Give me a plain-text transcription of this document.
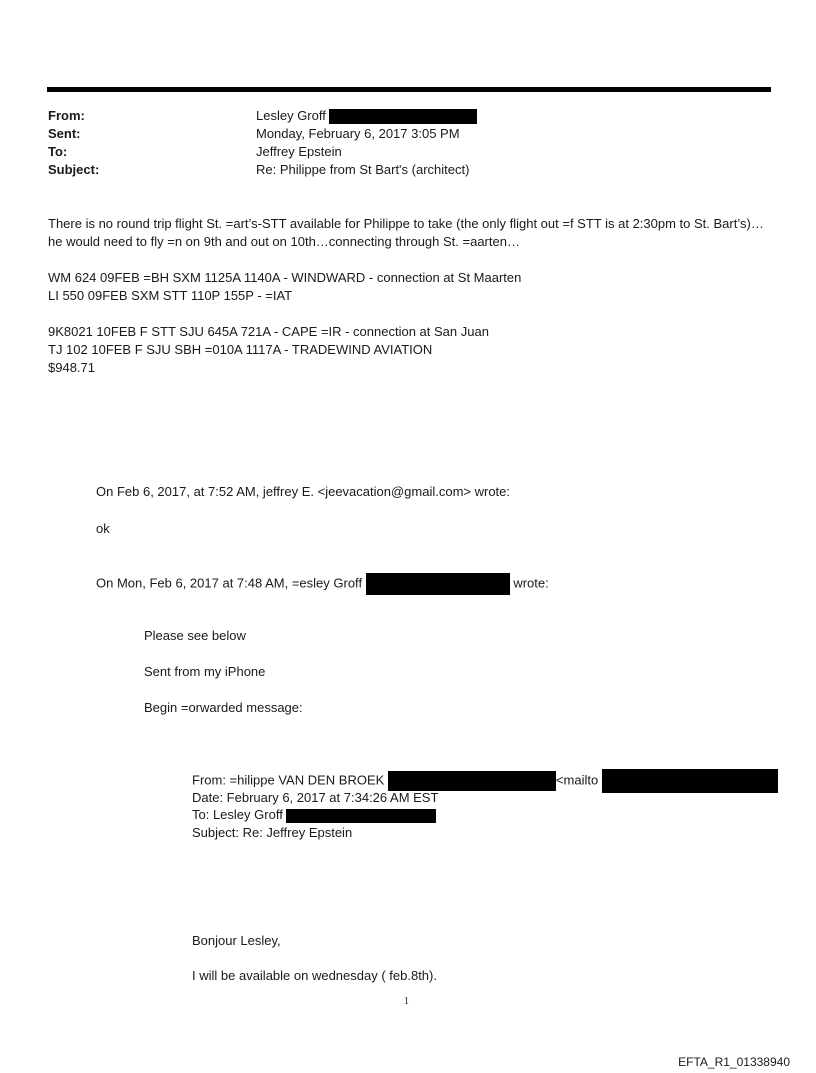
From:	Lesley Groff
Sent:	Monday, February 6, 2017 3:05 PM
To:	Jeffrey Epstein
Subject:	Re: Philippe from St Bart's (architect)
There is no round trip flight St. =art’s-STT available for Philippe to take (the only flight out =f STT is at 2:30pm to St. Bart’s)…he would need to fly =n on 9th and out on 10th…connecting through St. =aarten…
WM 624 09FEB =BH SXM 1125A 1140A - WINDWARD - connection at St Maarten
LI 550 09FEB SXM STT 110P 155P - =IAT
9K8021 10FEB F STT SJU 645A 721A - CAPE =IR - connection at San Juan
TJ 102 10FEB F SJU SBH =010A 1117A - TRADEWIND AVIATION
$948.71
On Feb 6, 2017, at 7:52 AM, jeffrey E. <jeevacation@gmail.com> wrote:
ok
On Mon, Feb 6, 2017 at 7:48 AM, =esley Groff	wrote:
Please see below
Sent from my iPhone
Begin =orwarded message:
From: =hilippe VAN DEN BROEK	<mailto
Date: February 6, 2017 at 7:34:26 AM EST
To: Lesley Groff
Subject: Re: Jeffrey Epstein
Bonjour Lesley,
I will be available on wednesday ( feb.8th).
1
EFTA_R1_01338940
